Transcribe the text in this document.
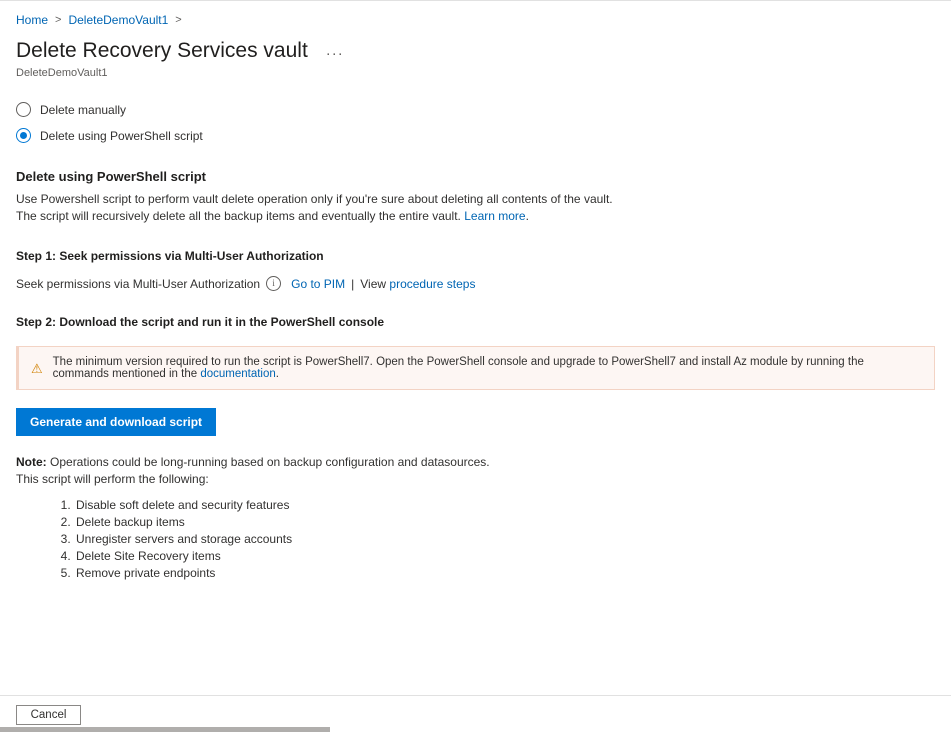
Home > DeleteDemoVault1 >
Delete Recovery Services vault ···
DeleteDemoVault1
Delete manually
Delete using PowerShell script
Delete using PowerShell script
Use Powershell script to perform vault delete operation only if you're sure about deleting all contents of the vault. The script will recursively delete all the backup items and eventually the entire vault. Learn more.
Step 1: Seek permissions via Multi-User Authorization
Seek permissions via Multi-User Authorization	i	Go to PIM | View
procedure steps
Step 2: Download the script and run it in the PowerShell console
⚠ The minimum version required to run the script is PowerShell7. Open the PowerShell console and upgrade to PowerShell7 and install Az module by running the commands mentioned in the documentation.
Generate and download script
Note: Operations could be long-running based on backup configuration and datasources.
This script will perform the following:
1. Disable soft delete and security features
2. Delete backup items
3. Unregister servers and storage accounts
4. Delete Site Recovery items
5. Remove private endpoints
Cancel
